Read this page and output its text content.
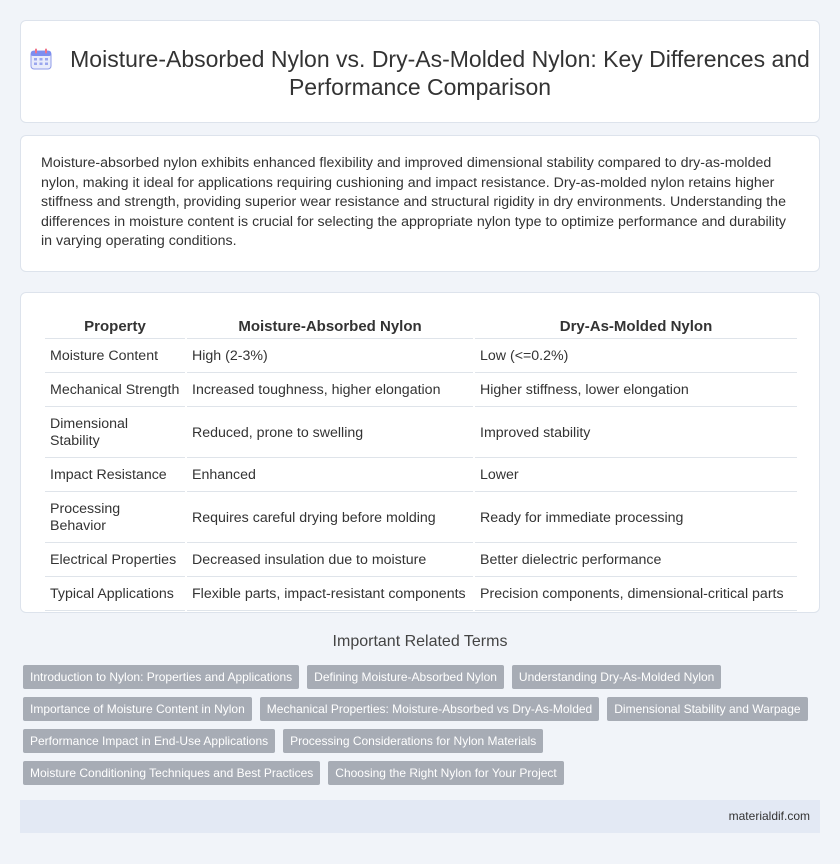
Moisture-Absorbed Nylon vs. Dry-As-Molded Nylon: Key Differences and Performance Comparison

Moisture-absorbed nylon exhibits enhanced flexibility and improved dimensional stability compared to dry-as-molded nylon, making it ideal for applications requiring cushioning and impact resistance. Dry-as-molded nylon retains higher stiffness and strength, providing superior wear resistance and structural rigidity in dry environments. Understanding the differences in moisture content is crucial for selecting the appropriate nylon type to optimize performance and durability in varying operating conditions.

Property	Moisture-Absorbed Nylon	Dry-As-Molded Nylon
Moisture Content	High (2-3%)	Low (<=0.2%)
Mechanical Strength	Increased toughness, higher elongation	Higher stiffness, lower elongation
Dimensional Stability	Reduced, prone to swelling	Improved stability
Impact Resistance	Enhanced	Lower
Processing Behavior	Requires careful drying before molding	Ready for immediate processing
Electrical Properties	Decreased insulation due to moisture	Better dielectric performance
Typical Applications	Flexible parts, impact-resistant components	Precision components, dimensional-critical parts
Important Related Terms
Introduction to Nylon: Properties and Applications	Defining Moisture-Absorbed Nylon	Understanding Dry-As-Molded Nylon
Importance of Moisture Content in Nylon	Mechanical Properties: Moisture-Absorbed vs Dry-As-Molded	Dimensional Stability and Warpage
Performance Impact in End-Use Applications	Processing Considerations for Nylon Materials
Moisture Conditioning Techniques and Best Practices	Choosing the Right Nylon for Your Project
materialdif.com
